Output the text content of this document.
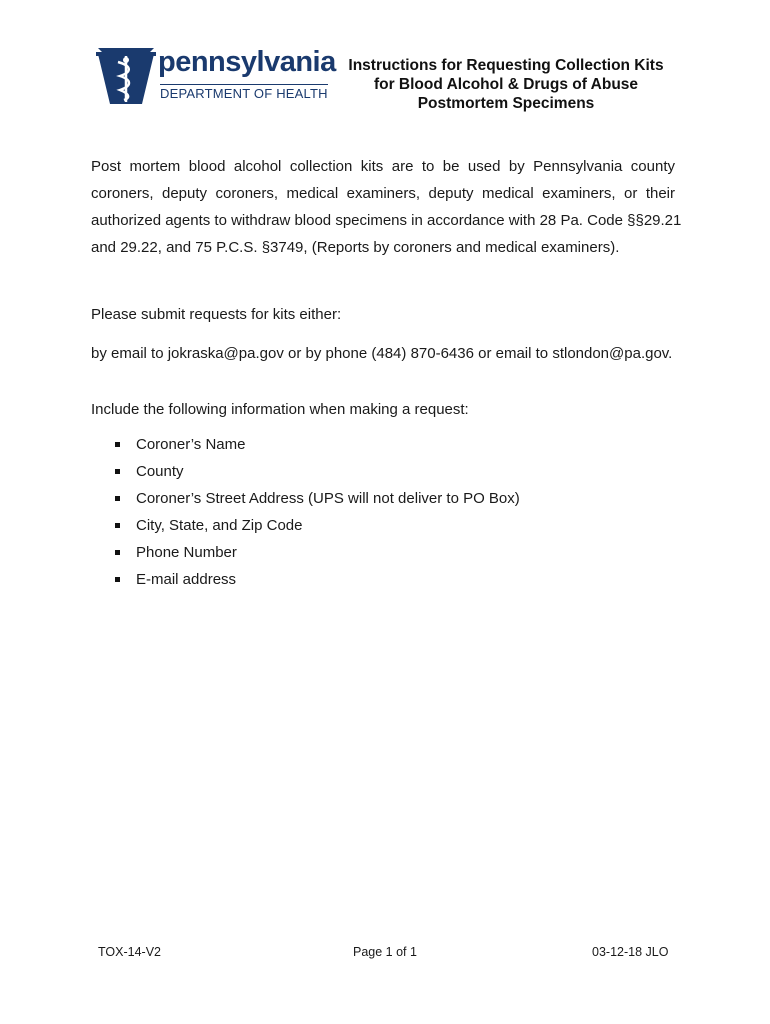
pennsylvania
DEPARTMENT OF HEALTH
Instructions for Requesting Collection Kits
for Blood Alcohol & Drugs of Abuse
Postmortem Specimens
Post mortem blood alcohol collection kits are to be used by Pennsylvania county
coroners, deputy coroners, medical examiners, deputy medical examiners, or their
authorized agents to withdraw blood specimens in accordance with 28 Pa. Code §§29.21
and 29.22, and 75 P.C.S. §3749, (Reports by coroners and medical examiners).
Please submit requests for kits either:
by email to jokraska@pa.gov or by phone (484) 870-6436 or email to stlondon@pa.gov.
Include the following information when making a request:
Coroner’s Name
County
Coroner’s Street Address (UPS will not deliver to PO Box)
City, State, and Zip Code
Phone Number
E-mail address
TOX-14-V2	Page 1 of 1	03-12-18 JLO
